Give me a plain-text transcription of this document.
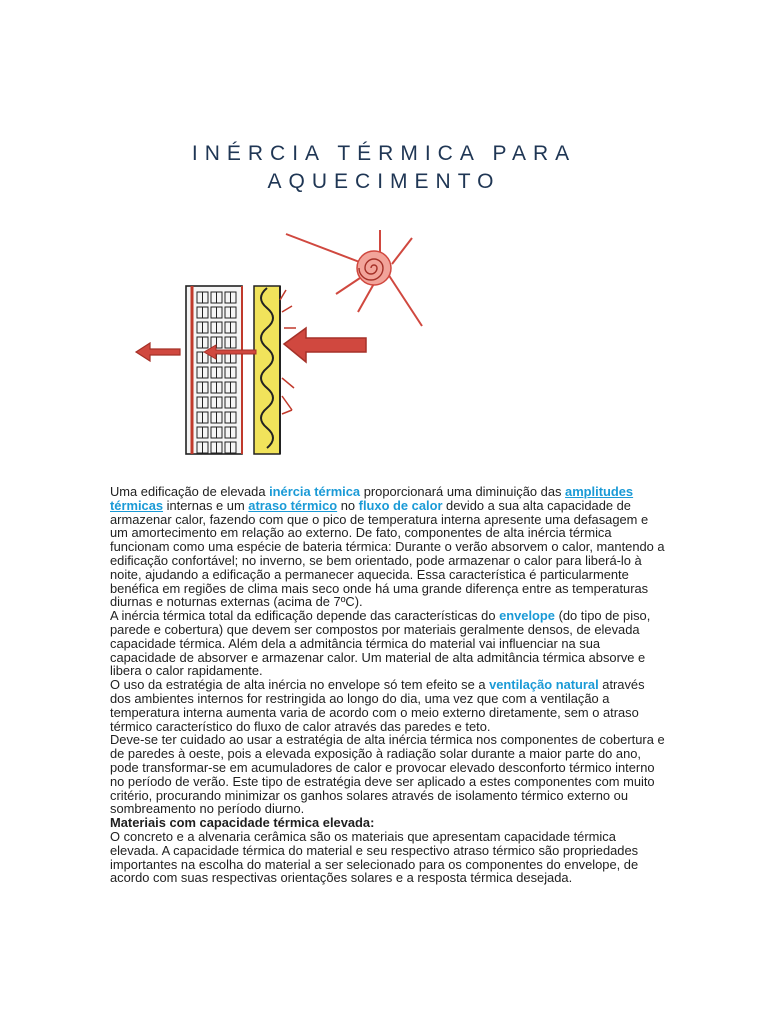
INÉRCIA TÉRMICA PARA
AQUECIMENTO

Uma edificação de elevada inércia térmica proporcionará uma diminuição das amplitudes térmicas internas e um atraso térmico no fluxo de calor devido a sua alta capacidade de armazenar calor, fazendo com que o pico de temperatura interna apresente uma defasagem e um amortecimento em relação ao externo. De fato, componentes de alta inércia térmica funcionam como uma espécie de bateria térmica: Durante o verão absorvem o calor, mantendo a edificação confortável; no inverno, se bem orientado, pode armazenar o calor para liberá-lo à noite, ajudando a edificação a permanecer aquecida. Essa característica é particularmente benéfica em regiões de clima mais seco onde há uma grande diferença entre as temperaturas diurnas e noturnas externas (acima de 7ºC).

A inércia térmica total da edificação depende das características do envelope (do tipo de piso, parede e cobertura) que devem ser compostos por materiais geralmente densos, de elevada capacidade térmica. Além dela a admitância térmica do material vai influenciar na sua capacidade de absorver e armazenar calor. Um material de alta admitância térmica absorve e libera o calor rapidamente.

O uso da estratégia de alta inércia no envelope só tem efeito se a ventilação natural através dos ambientes internos for restringida ao longo do dia, uma vez que com a ventilação a temperatura interna aumenta varia de acordo com o meio externo diretamente, sem o atraso térmico característico do fluxo de calor através das paredes e teto.

Deve-se ter cuidado ao usar a estratégia de alta inércia térmica nos componentes de cobertura e de paredes à oeste, pois a elevada exposição à radiação solar durante a maior parte do ano, pode transformar-se em acumuladores de calor e provocar elevado desconforto térmico interno no período de verão. Este tipo de estratégia deve ser aplicado a estes componentes com muito critério, procurando minimizar os ganhos solares através de isolamento térmico externo ou sombreamento no período diurno.

Materiais com capacidade térmica elevada:

O concreto e a alvenaria cerâmica são os materiais que apresentam capacidade térmica elevada. A capacidade térmica do material e seu respectivo atraso térmico são propriedades importantes na escolha do material a ser selecionado para os componentes do envelope, de acordo com suas respectivas orientações solares e a resposta térmica desejada.
